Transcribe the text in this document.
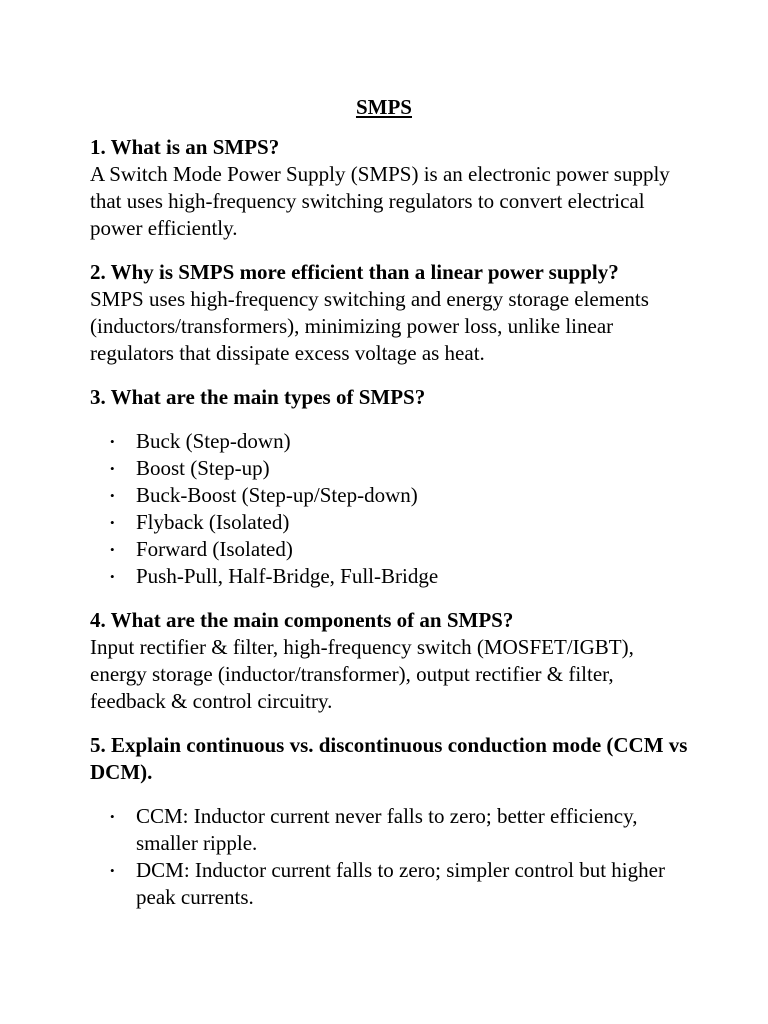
SMPS
1. What is an SMPS?
A Switch Mode Power Supply (SMPS) is an electronic power supply that uses high-frequency switching regulators to convert electrical power efficiently.
2. Why is SMPS more efficient than a linear power supply?
SMPS uses high-frequency switching and energy storage elements (inductors/transformers), minimizing power loss, unlike linear regulators that dissipate excess voltage as heat.
3. What are the main types of SMPS?
• Buck (Step-down)
• Boost (Step-up)
• Buck-Boost (Step-up/Step-down)
• Flyback (Isolated)
• Forward (Isolated)
• Push-Pull, Half-Bridge, Full-Bridge
4. What are the main components of an SMPS?
Input rectifier & filter, high-frequency switch (MOSFET/IGBT), energy storage (inductor/transformer), output rectifier & filter, feedback & control circuitry.
5. Explain continuous vs. discontinuous conduction mode (CCM vs DCM).
• CCM: Inductor current never falls to zero; better efficiency, smaller ripple.
• DCM: Inductor current falls to zero; simpler control but higher peak currents.
